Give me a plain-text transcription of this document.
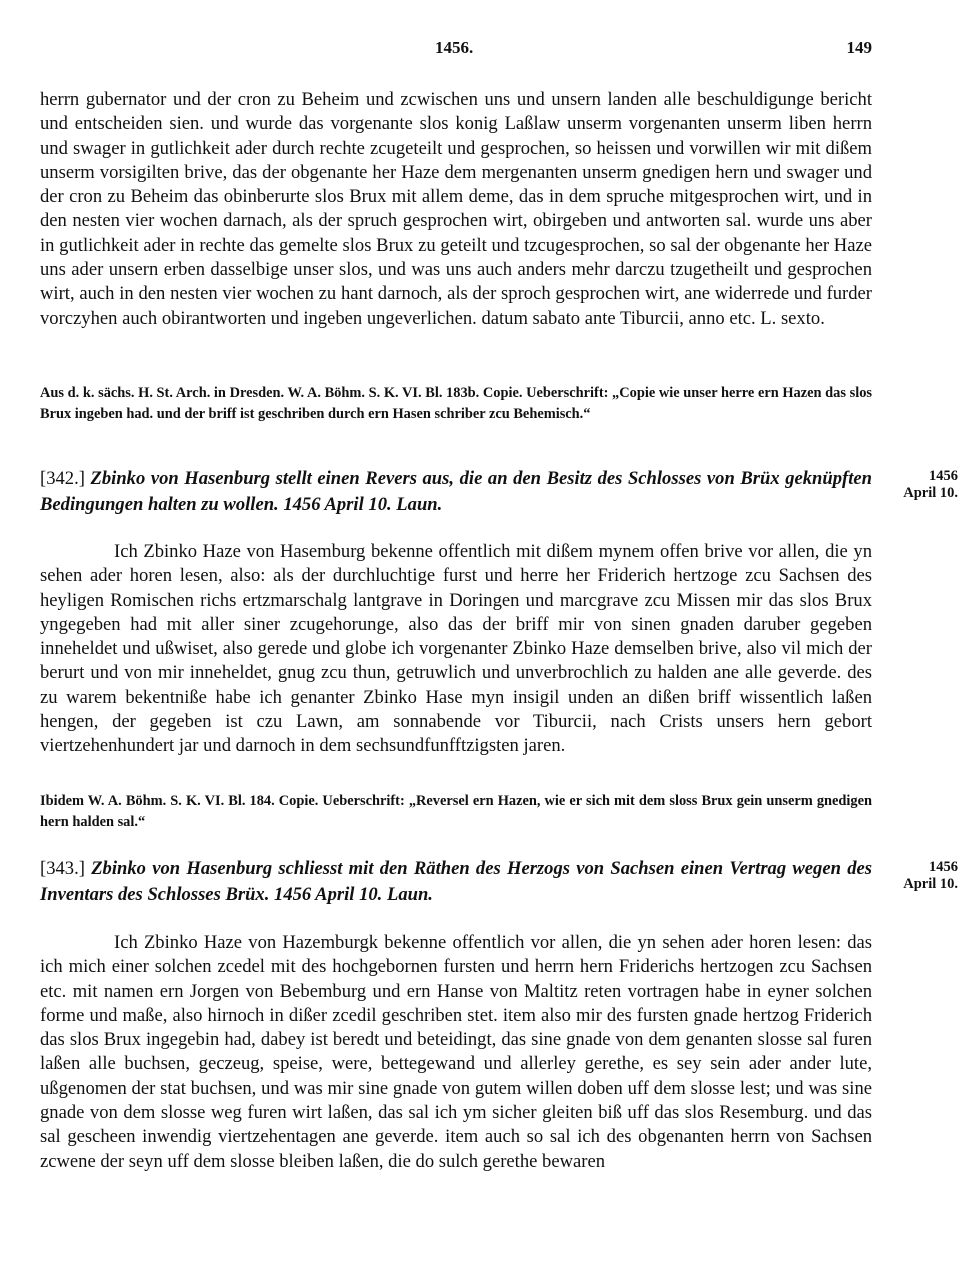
1456.	149

herrn gubernator und der cron zu Beheim und zcwischen uns und unsern landen alle beschuldigunge bericht und entscheiden sien. und wurde das vorgenante slos konig Laßlaw unserm vorgenanten unserm liben herrn und swager in gutlichkeit ader durch rechte zcugeteilt und gesprochen, so heissen und vorwillen wir mit dißem unserm vorsigilten brive, das der obgenante her Haze dem mergenanten unserm gnedigen hern und swager und der cron zu Beheim das obinberurte slos Brux mit allem deme, das in dem spruche mitgesprochen wirt, und in den nesten vier wochen darnach, als der spruch gesprochen wirt, obirgeben und antworten sal. wurde uns aber in gutlichkeit ader in rechte das gemelte slos Brux zu geteilt und tzcugesprochen, so sal der obgenante her Haze uns ader unsern erben dasselbige unser slos, und was uns auch anders mehr darczu tzugetheilt und gesprochen wirt, auch in den nesten vier wochen zu hant darnoch, als der sproch gesprochen wirt, ane widerrede und furder vorczyhen auch obirantworten und ingeben ungeverlichen. datum sabato ante Tiburcii, anno etc. L. sexto.

Aus d. k. sächs. H. St. Arch. in Dresden. W. A. Böhm. S. K. VI. Bl. 183b. Copie. Ueberschrift: „Copie wie unser herre ern Hazen das slos Brux ingeben had. und der briff ist geschriben durch ern Hasen schriber zcu Behemisch.“

[342.] Zbinko von Hasenburg stellt einen Revers aus, die an den Besitz des Schlosses von Brüx geknüpften Bedingungen halten zu wollen. 1456 April 10. Laun.
1456
April 10.

Ich Zbinko Haze von Hasemburg bekenne offentlich mit dißem mynem offen brive vor allen, die yn sehen ader horen lesen, also: als der durchluchtige furst und herre her Friderich hertzoge zcu Sachsen des heyligen Romischen richs ertzmarschalg lantgrave in Doringen und marcgrave zcu Missen mir das slos Brux yngegeben had mit aller siner zcugehorunge, also das der briff mir von sinen gnaden daruber gegeben inneheldet und ußwiset, also gerede und globe ich vorgenanter Zbinko Haze demselben brive, also vil mich der berurt und von mir inneheldet, gnug zcu thun, getruwlich und unverbrochlich zu halden ane alle geverde. des zu warem bekentniße habe ich genanter Zbinko Hase myn insigil unden an dißen briff wissentlich laßen hengen, der gegeben ist czu Lawn, am sonnabende vor Tiburcii, nach Crists unsers hern gebort viertzehenhundert jar und darnoch in dem sechsundfunfftzigsten jaren.

Ibidem W. A. Böhm. S. K. VI. Bl. 184. Copie. Ueberschrift: „Reversel ern Hazen, wie er sich mit dem sloss Brux gein unserm gnedigen hern halden sal.“

[343.] Zbinko von Hasenburg schliesst mit den Räthen des Herzogs von Sachsen einen Vertrag wegen des Inventars des Schlosses Brüx. 1456 April 10. Laun.
1456
April 10.

Ich Zbinko Haze von Hazemburgk bekenne offentlich vor allen, die yn sehen ader horen lesen: das ich mich einer solchen zcedel mit des hochgebornen fursten und herrn hern Friderichs hertzogen zcu Sachsen etc. mit namen ern Jorgen von Bebemburg und ern Hanse von Maltitz reten vortragen habe in eyner solchen forme und maße, also hirnoch in dißer zcedil geschriben stet. item also mir des fursten gnade hertzog Friderich das slos Brux ingegebin had, dabey ist beredt und beteidingt, das sine gnade von dem genanten slosse sal furen laßen alle buchsen, geczeug, speise, were, bettegewand und allerley gerethe, es sey sein ader ander lute, ußgenomen der stat buchsen, und was mir sine gnade von gutem willen doben uff dem slosse lest; und was sine gnade von dem slosse weg furen wirt laßen, das sal ich ym sicher gleiten biß uff das slos Resemburg. und das sal gescheen inwendig viertzehentagen ane geverde. item auch so sal ich des obgenanten herrn von Sachsen zcwene der seyn uff dem slosse bleiben laßen, die do sulch gerethe bewaren
